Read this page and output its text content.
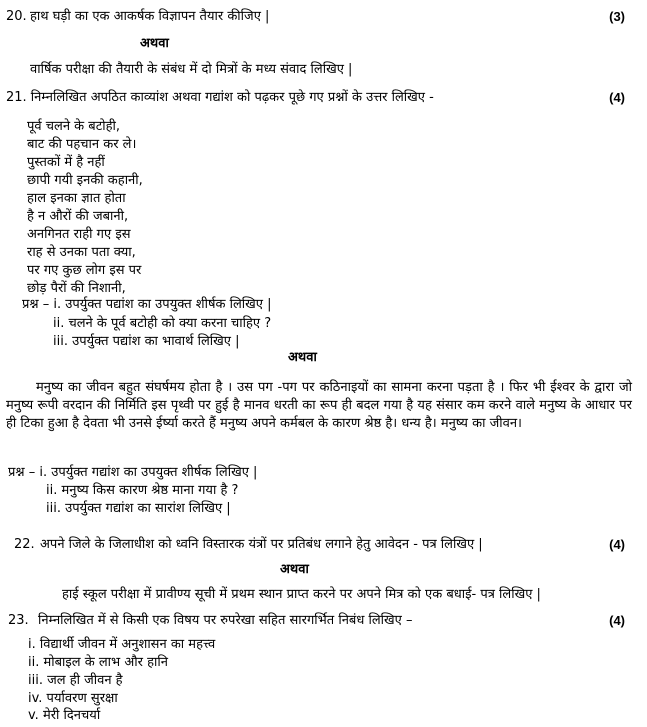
20. हाथ घड़ी का एक आकर्षक विज्ञापन तैयार कीजिए |	(3)
अथवा
वार्षिक परीक्षा की तैयारी के संबंध में दो मित्रों के मध्य संवाद लिखिए |
21. निम्नलिखित अपठित काव्यांश अथवा गद्यांश को पढ़कर पूछे गए प्रश्नों के उत्तर लिखिए -	(4)
पूर्व चलने के बटोही,
बाट की पहचान कर ले।
पुस्तकों में है नहीं
छापी गयी इनकी कहानी,
हाल इनका ज्ञात होता
है न औरों की जबानी,
अनगिनत राही गए इस
राह से उनका पता क्या,
पर गए कुछ लोग इस पर
छोड़ पैरों की निशानी,
प्रश्न – i. उपर्युक्त पद्यांश का उपयुक्त शीर्षक लिखिए |
ii. चलने के पूर्व बटोही को क्या करना चाहिए ?
iii. उपर्युक्त पद्यांश का भावार्थ लिखिए |
अथवा
मनुष्य का जीवन बहुत संघर्षमय होता है । उस पग -पग पर कठिनाइयों का सामना करना पड़ता है । फिर भी ईश्वर के द्वारा जो मनुष्य रूपी वरदान की निर्मिति इस पृथ्वी पर हुई है मानव धरती का रूप ही बदल गया है यह संसार कम करने वाले मनुष्य के आधार पर ही टिका हुआ है देवता भी उनसे ईर्ष्या करते हैं मनुष्य अपने कर्मबल के कारण श्रेष्ठ है। धन्य है। मनुष्य का जीवन।
प्रश्न – i. उपर्युक्त गद्यांश का उपयुक्त शीर्षक लिखिए |
ii. मनुष्य किस कारण श्रेष्ठ माना गया है ?
iii. उपर्युक्त गद्यांश का सारांश लिखिए |
22. अपने जिले के जिलाधीश को ध्वनि विस्तारक यंत्रों पर प्रतिबंध लगाने हेतु आवेदन - पत्र लिखिए |	(4)
अथवा
हाई स्कूल परीक्षा में प्रावीण्य सूची में प्रथम स्थान प्राप्त करने पर अपने मित्र को एक बधाई- पत्र लिखिए |
23. निम्नलिखित में से किसी एक विषय पर रुपरेखा सहित सारगर्भित निबंध लिखिए –	(4)
i. विद्यार्थी जीवन में अनुशासन का महत्त्व
ii. मोबाइल के लाभ और हानि
iii. जल ही जीवन है
iv. पर्यावरण सुरक्षा
v. मेरी दिनचर्या
